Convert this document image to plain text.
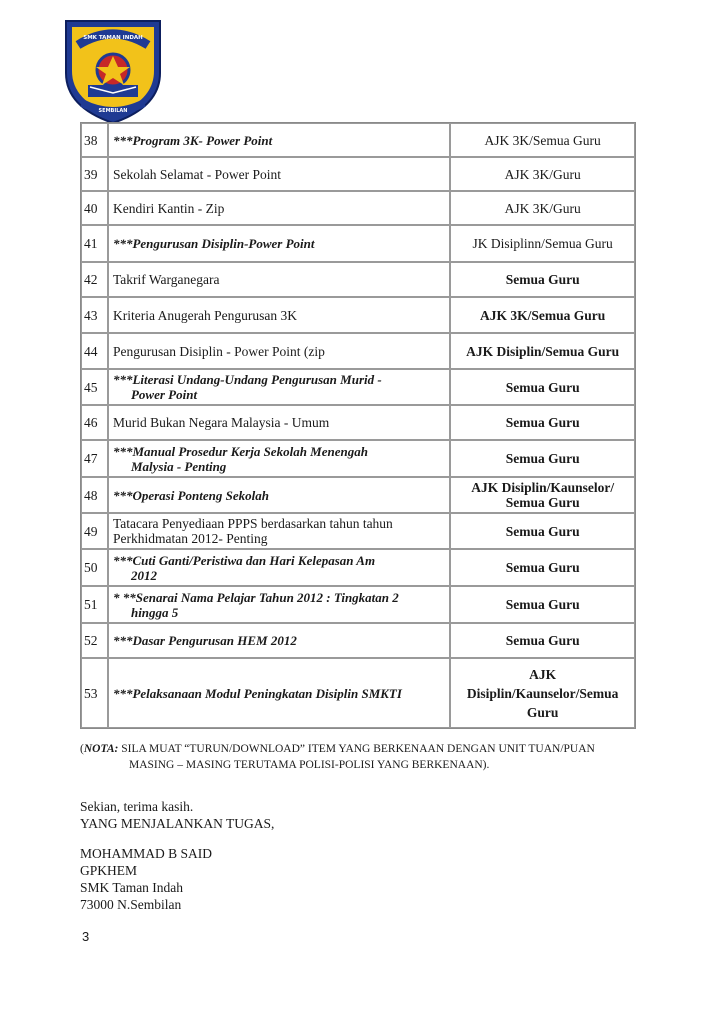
SMK TAMAN INDAH
SEMBILAN
38	***Program 3K- Power Point	AJK 3K/Semua Guru
39	Sekolah Selamat - Power Point	AJK 3K/Guru
40	Kendiri Kantin - Zip	AJK 3K/Guru
41	***Pengurusan Disiplin-Power Point	JK Disiplinn/Semua Guru
42	Takrif Warganegara	Semua Guru
43	Kriteria Anugerah Pengurusan 3K	AJK 3K/Semua Guru
44	Pengurusan Disiplin - Power Point (zip	AJK Disiplin/Semua Guru
45	***Literasi Undang-Undang Pengurusan Murid -
Power Point	Semua Guru
46	Murid Bukan Negara Malaysia - Umum	Semua Guru
47	***Manual Prosedur Kerja Sekolah Menengah
Malysia - Penting	Semua Guru
48	***Operasi Ponteng Sekolah	AJK Disiplin/Kaunselor/
Semua Guru
49	Tatacara Penyediaan PPPS berdasarkan tahun tahun
Perkhidmatan 2012- Penting	Semua Guru
50	***Cuti Ganti/Peristiwa dan Hari Kelepasan Am
2012	Semua Guru
51	* **Senarai Nama Pelajar Tahun 2012 : Tingkatan 2
hingga 5	Semua Guru
52	***Dasar Pengurusan HEM 2012	Semua Guru
53	***Pelaksanaan Modul Peningkatan Disiplin SMKTI	AJK
Disiplin/Kaunselor/Semua
Guru
(NOTA: SILA MUAT “TURUN/DOWNLOAD” ITEM YANG BERKENAAN DENGAN UNIT TUAN/PUAN
MASING – MASING TERUTAMA POLISI-POLISI YANG BERKENAAN).
Sekian, terima kasih.
YANG MENJALANKAN TUGAS,
MOHAMMAD B SAID
GPKHEM
SMK Taman Indah
73000 N.Sembilan
3
